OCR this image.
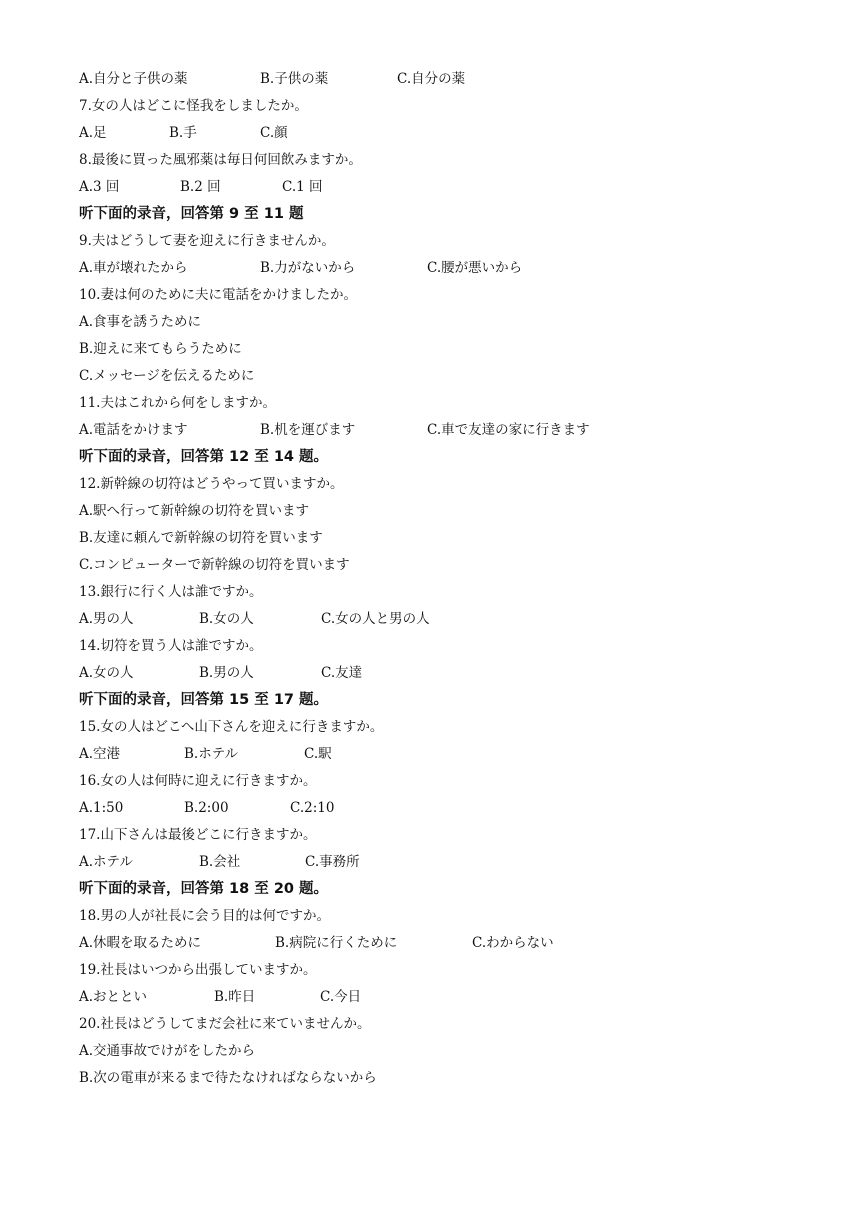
A.自分と子供の薬	B.子供の薬	C.自分の薬
7.女の人はどこに怪我をしましたか。
A.足	B.手	C.顔
8.最後に買った風邪薬は毎日何回飲みますか。
A.3 回	B.2 回	C.1 回
听下面的录音，回答第 9 至 11 题
9.夫はどうして妻を迎えに行きませんか。
A.車が壊れたから	B.力がないから	C.腰が悪いから
10.妻は何のために夫に電話をかけましたか。
A.食事を誘うために
B.迎えに来てもらうために
C.メッセージを伝えるために
11.夫はこれから何をしますか。
A.電話をかけます	B.机を運びます	C.車で友達の家に行きます
听下面的录音，回答第 12 至 14 题。
12.新幹線の切符はどうやって買いますか。
A.駅へ行って新幹線の切符を買います
B.友達に頼んで新幹線の切符を買います
C.コンピューターで新幹線の切符を買います
13.銀行に行く人は誰ですか。
A.男の人	B.女の人	C.女の人と男の人
14.切符を買う人は誰ですか。
A.女の人	B.男の人	C.友達
听下面的录音，回答第 15 至 17 题。
15.女の人はどこへ山下さんを迎えに行きますか。
A.空港	B.ホテル	C.駅
16.女の人は何時に迎えに行きますか。
A.1:50	B.2:00	C.2:10
17.山下さんは最後どこに行きますか。
A.ホテル	B.会社	C.事務所
听下面的录音，回答第 18 至 20 题。
18.男の人が社長に会う目的は何ですか。
A.休暇を取るために	B.病院に行くために	C.わからない
19.社長はいつから出張していますか。
A.おととい	B.昨日	C.今日
20.社長はどうしてまだ会社に来ていませんか。
A.交通事故でけがをしたから
B.次の電車が来るまで待たなければならないから
